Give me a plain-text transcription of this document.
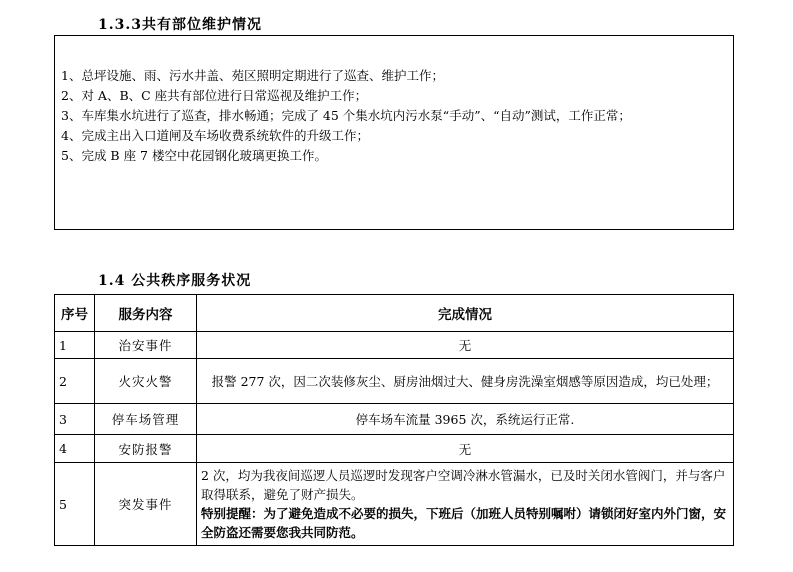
1.3.3共有部位维护情况
1、总坪设施、雨、污水井盖、苑区照明定期进行了巡查、维护工作；
2、对 A、B、C 座共有部位进行日常巡视及维护工作；
3、车库集水坑进行了巡查，排水畅通；完成了 45 个集水坑内污水泵“手动”、“自动”测试，工作正常；
4、完成主出入口道闸及车场收费系统软件的升级工作；
5、完成 B 座 7 楼空中花园钢化玻璃更换工作。
1.4 公共秩序服务状况
序号	服务内容	完成情况
1	治安事件	无
2	火灾火警	报警 277 次，因二次装修灰尘、厨房油烟过大、健身房洗澡室烟感等原因造成，均已处理；
3	停车场管理	停车场车流量 3965 次，系统运行正常.
4	安防报警	无
5	突发事件	2 次，均为我夜间巡逻人员巡逻时发现客户空调冷淋水管漏水，已及时关闭水管阀门，并与客户取得联系，避免了财产损失。
特别提醒：为了避免造成不必要的损失，下班后（加班人员特别嘱咐）请锁闭好室内外门窗，安全防盗还需要您我共同防范。
